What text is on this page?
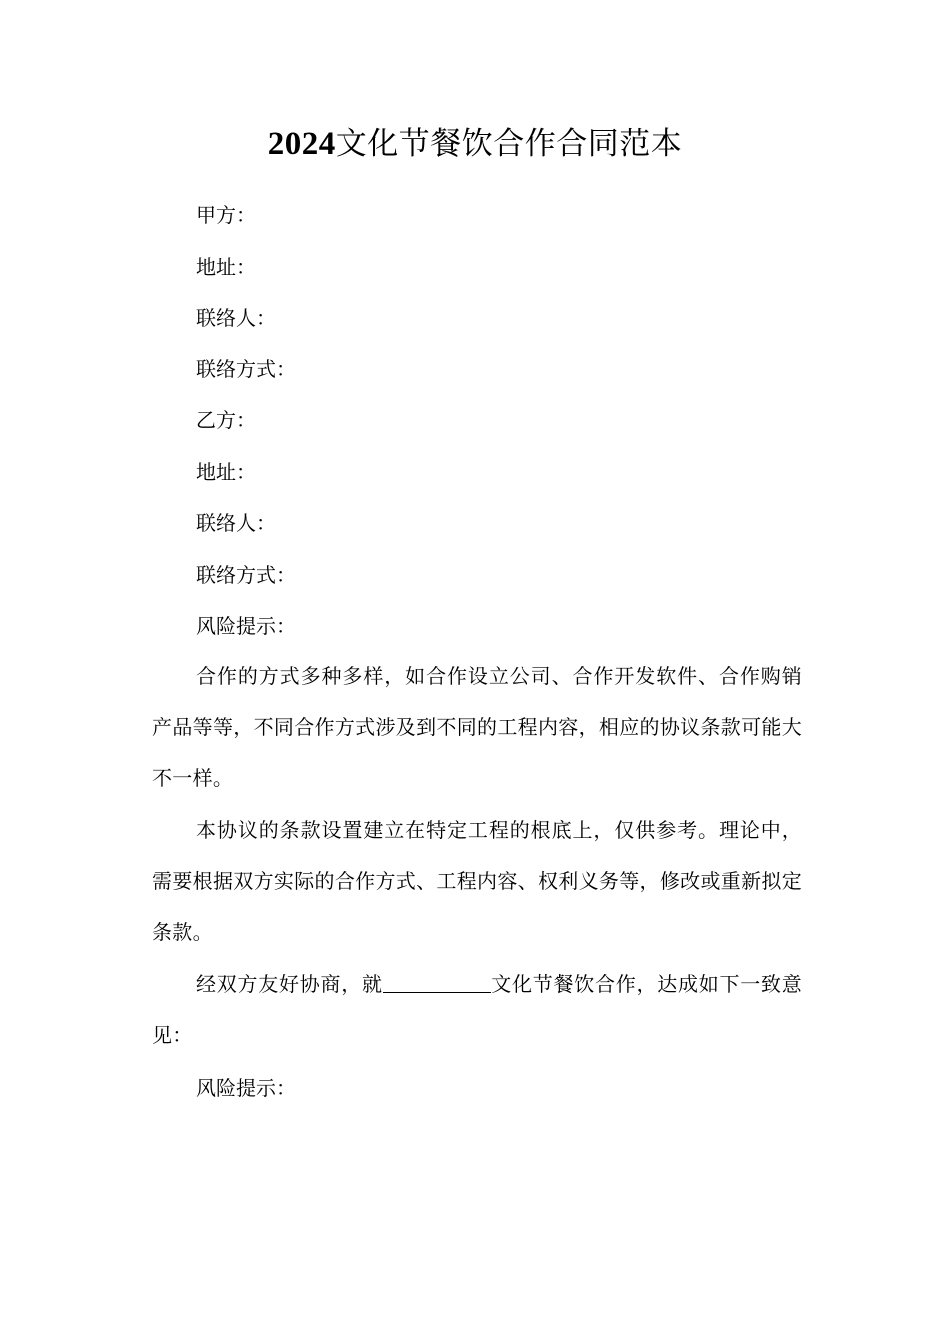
2024文化节餐饮合作合同范本

甲方：

地址：

联络人：

联络方式：

乙方：

地址：

联络人：

联络方式：

风险提示：

合作的方式多种多样，如合作设立公司、合作开发软件、合作购销产品等等，不同合作方式涉及到不同的工程内容，相应的协议条款可能大不一样。

本协议的条款设置建立在特定工程的根底上，仅供参考。理论中，需要根据双方实际的合作方式、工程内容、权利义务等，修改或重新拟定条款。

经双方友好协商，就	文化节餐饮合作，达成如下一致意见：

风险提示：
